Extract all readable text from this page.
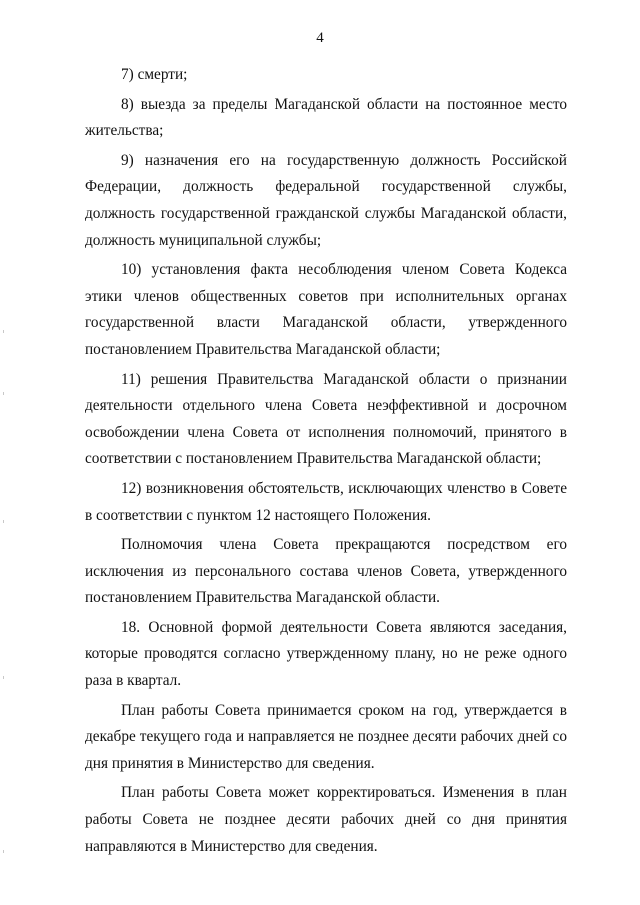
4

7) смерти;

8) выезда за пределы Магаданской области на постоянное место жительства;

9) назначения его на государственную должность Российской Федерации, должность федеральной государственной службы, должность государственной гражданской службы Магаданской области, должность муниципальной службы;

10) установления факта несоблюдения членом Совета Кодекса этики членов общественных советов при исполнительных органах государственной власти Магаданской области, утвержденного постановлением Правительства Магаданской области;

11) решения Правительства Магаданской области о признании деятельности отдельного члена Совета неэффективной и досрочном освобождении члена Совета от исполнения полномочий, принятого в соответствии с постановлением Правительства Магаданской области;

12) возникновения обстоятельств, исключающих членство в Совете в соответствии с пунктом 12 настоящего Положения.

Полномочия члена Совета прекращаются посредством его исключения из персонального состава членов Совета, утвержденного постановлением Правительства Магаданской области.

18. Основной формой деятельности Совета являются заседания, которые проводятся согласно утвержденному плану, но не реже одного раза в квартал.

План работы Совета принимается сроком на год, утверждается в декабре текущего года и направляется не позднее десяти рабочих дней со дня принятия в Министерство для сведения.

План работы Совета может корректироваться. Изменения в план работы Совета не позднее десяти рабочих дней со дня принятия направляются в Министерство для сведения.
